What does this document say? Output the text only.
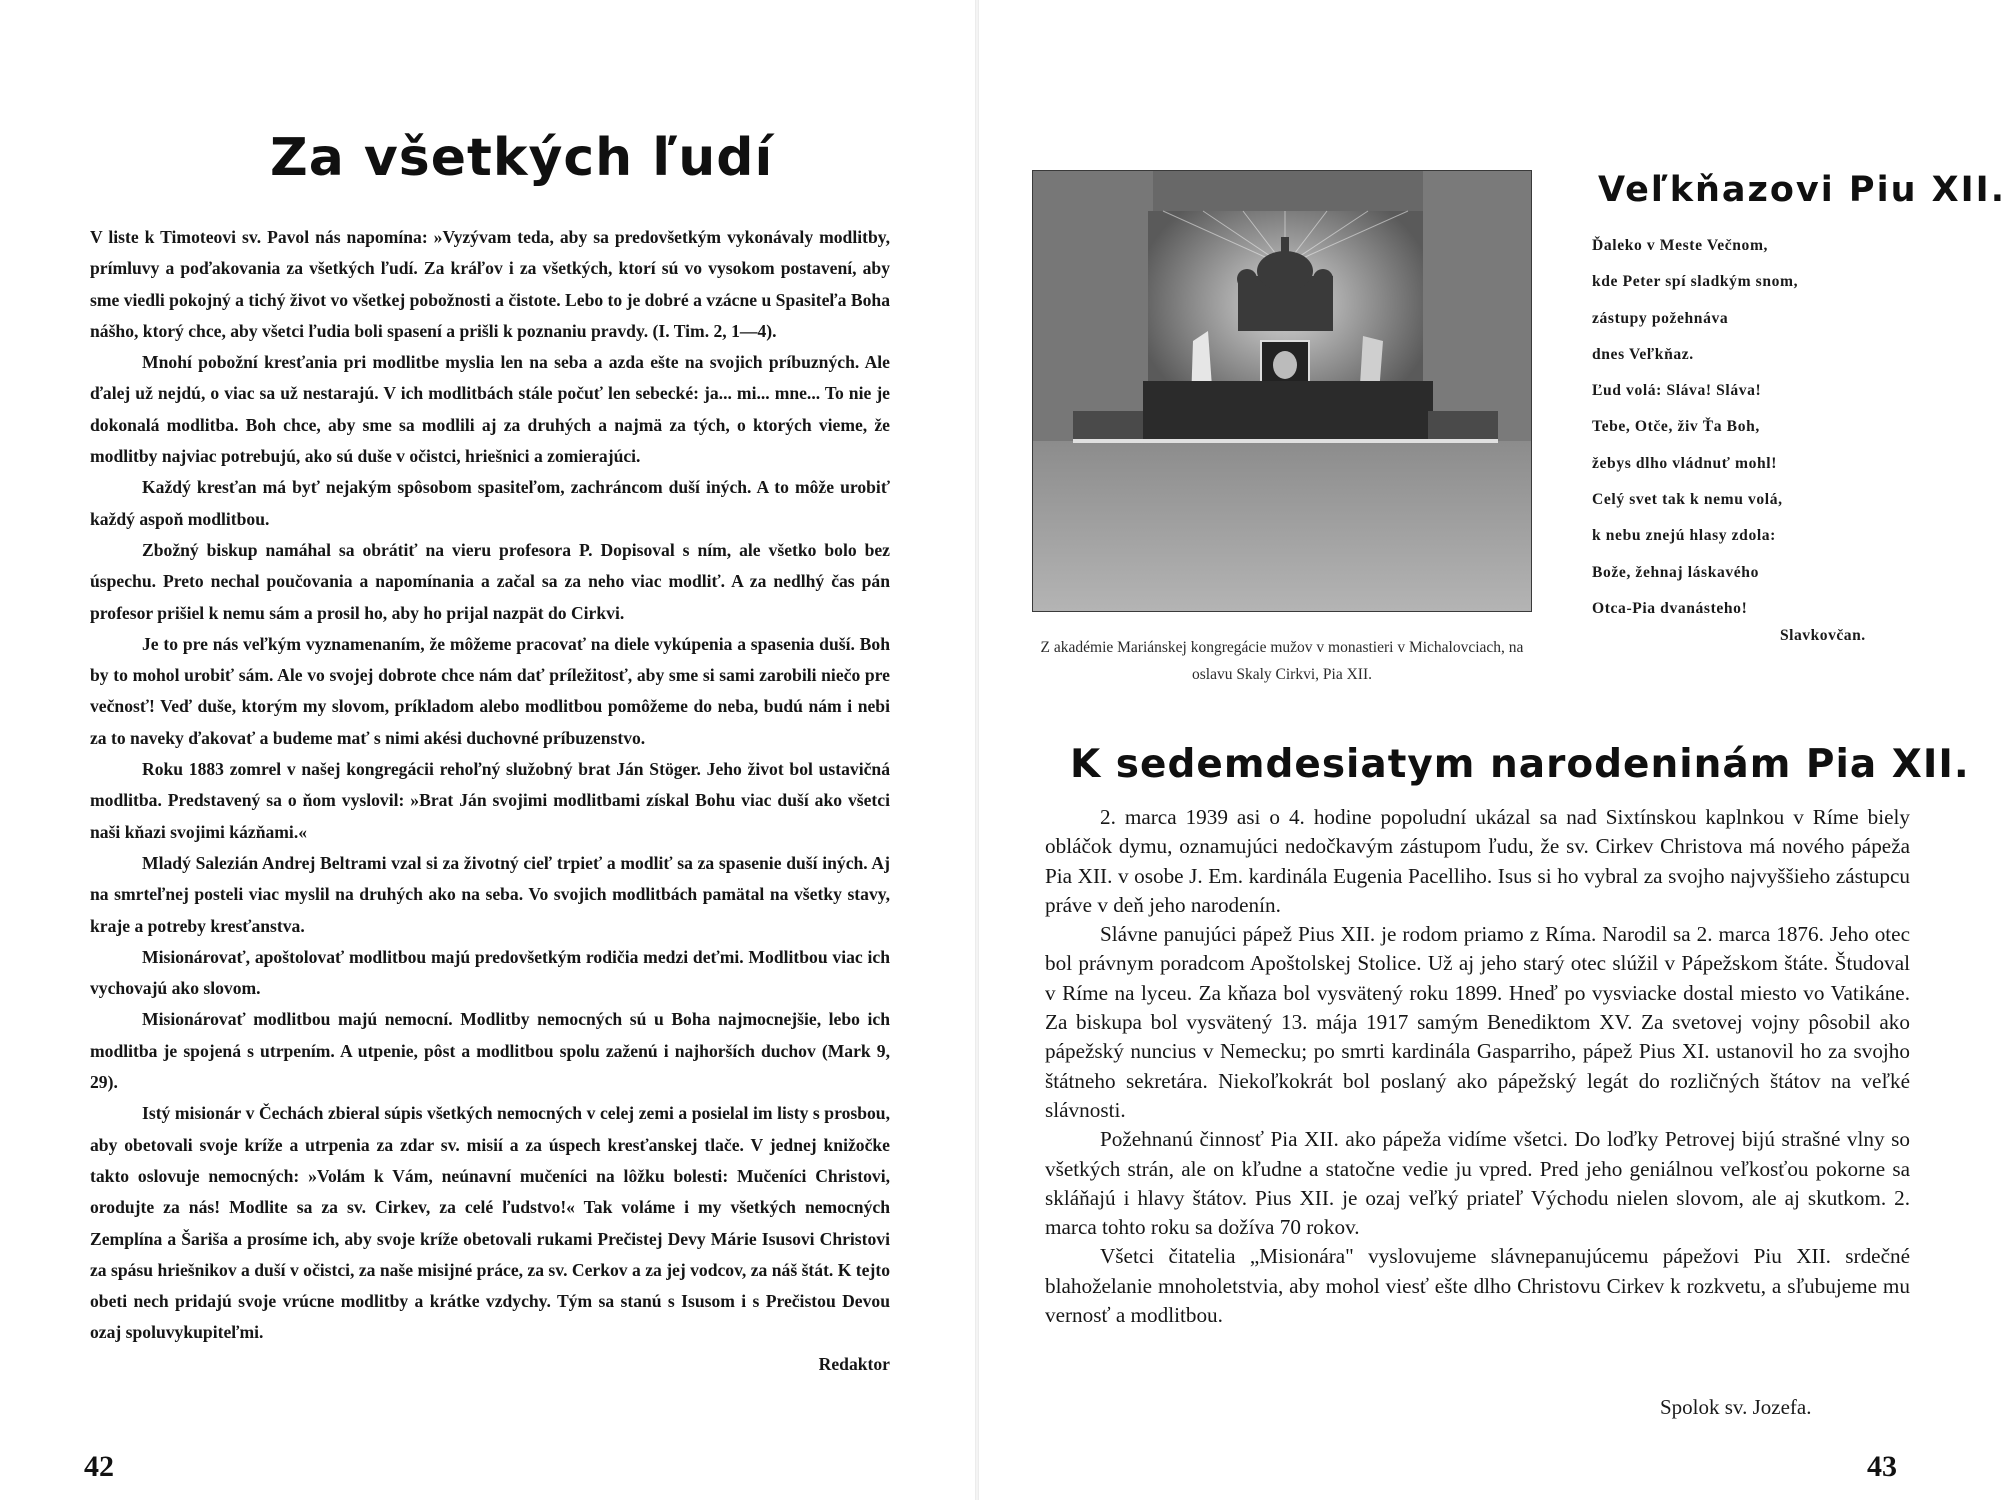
Za všetkých ľudí

V liste k Timoteovi sv. Pavol nás napomína: »Vyzývam teda, aby sa predovšetkým vykonávaly modlitby, prímluvy a poďakovania za všetkých ľudí. Za kráľov i za všetkých, ktorí sú vo vysokom postavení, aby sme viedli pokojný a tichý život vo všetkej pobožnosti a čistote. Lebo to je dobré a vzácne u Spasiteľa Boha nášho, ktorý chce, aby všetci ľudia boli spasení a prišli k poznaniu pravdy. (I. Tim. 2, 1—4).

Mnohí pobožní kresťania pri modlitbe myslia len na seba a azda ešte na svojich príbuzných. Ale ďalej už nejdú, o viac sa už nestarajú. V ich modlitbách stále počuť len sebecké: ja... mi... mne... To nie je dokonalá modlitba. Boh chce, aby sme sa modlili aj za druhých a najmä za tých, o ktorých vieme, že modlitby najviac potrebujú, ako sú duše v očistci, hriešnici a zomierajúci.

Každý kresťan má byť nejakým spôsobom spasiteľom, zachráncom duší iných. A to môže urobiť každý aspoň modlitbou.

Zbožný biskup namáhal sa obrátiť na vieru profesora P. Dopisoval s ním, ale všetko bolo bez úspechu. Preto nechal poučovania a napomínania a začal sa za neho viac modliť. A za nedlhý čas pán profesor prišiel k nemu sám a prosil ho, aby ho prijal nazpät do Cirkvi.

Je to pre nás veľkým vyznamenaním, že môžeme pracovať na diele vykúpenia a spasenia duší. Boh by to mohol urobiť sám. Ale vo svojej dobrote chce nám dať príležitosť, aby sme si sami zarobili niečo pre večnosť! Veď duše, ktorým my slovom, príkladom alebo modlitbou pomôžeme do neba, budú nám i nebi za to naveky ďakovať a budeme mať s nimi akési duchovné príbuzenstvo.

Roku 1883 zomrel v našej kongregácii rehoľný služobný brat Ján Stöger. Jeho život bol ustavičná modlitba. Predstavený sa o ňom vyslovil: »Brat Ján svojimi modlitbami získal Bohu viac duší ako všetci naši kňazi svojimi kázňami.«

Mladý Salezián Andrej Beltrami vzal si za životný cieľ trpieť a modliť sa za spasenie duší iných. Aj na smrteľnej posteli viac myslil na druhých ako na seba. Vo svojich modlitbách pamätal na všetky stavy, kraje a potreby kresťanstva.

Misionárovať, apoštolovať modlitbou majú predovšetkým rodičia medzi deťmi. Modlitbou viac ich vychovajú ako slovom.

Misionárovať modlitbou majú nemocní. Modlitby nemocných sú u Boha najmocnejšie, lebo ich modlitba je spojená s utrpením. A utpenie, pôst a modlitbou spolu zaženú i najhorších duchov (Mark 9, 29).

Istý misionár v Čechách zbieral súpis všetkých nemocných v celej zemi a posielal im listy s prosbou, aby obetovali svoje kríže a utrpenia za zdar sv. misií a za úspech kresťanskej tlače. V jednej knižočke takto oslovuje nemocných: »Volám k Vám, neúnavní mučeníci na lôžku bolesti: Mučeníci Christovi, orodujte za nás! Modlite sa za sv. Cirkev, za celé ľudstvo!« Tak voláme i my všetkých nemocných Zemplína a Šariša a prosíme ich, aby svoje kríže obetovali rukami Prečistej Devy Márie Isusovi Christovi za spásu hriešnikov a duší v očistci, za naše misijné práce, za sv. Cerkov a za jej vodcov, za náš štát. K tejto obeti nech pridajú svoje vrúcne modlitby a krátke vzdychy. Tým sa stanú s Isusom i s Prečistou Devou ozaj spoluvykupiteľmi.

Redaktor
42

Z akadémie Mariánskej kongregácie mužov v monastieri v Michalovciach, na oslavu Skaly Cirkvi, Pia XII.

Veľkňazovi Piu XII.
Ďaleko v Meste Večnom,
kde Peter spí sladkým snom,
zástupy požehnáva
dnes Veľkňaz.
Ľud volá: Sláva! Sláva!
Tebe, Otče, živ Ťa Boh,
žebys dlho vládnuť mohl!
Celý svet tak k nemu volá,
k nebu znejú hlasy zdola:
Bože, žehnaj láskavého
Otca-Pia dvanásteho!
Slavkovčan.
K sedemdesiatym narodeninám Pia XII.

2. marca 1939 asi o 4. hodine popoludní ukázal sa nad Sixtínskou kaplnkou v Ríme biely obláčok dymu, oznamujúci nedočkavým zástupom ľudu, že sv. Cirkev Christova má nového pápeža Pia XII. v osobe J. Em. kardinála Eugenia Pacelliho. Isus si ho vybral za svojho najvyššieho zástupcu práve v deň jeho narodenín.

Slávne panujúci pápež Pius XII. je rodom priamo z Ríma. Narodil sa 2. marca 1876. Jeho otec bol právnym poradcom Apoštolskej Stolice. Už aj jeho starý otec slúžil v Pápežskom štáte. Študoval v Ríme na lyceu. Za kňaza bol vysvätený roku 1899. Hneď po vysviacke dostal miesto vo Vatikáne. Za biskupa bol vysvätený 13. mája 1917 samým Benediktom XV. Za svetovej vojny pôsobil ako pápežský nuncius v Nemecku; po smrti kardinála Gasparriho, pápež Pius XI. ustanovil ho za svojho štátneho sekretára. Niekoľkokrát bol poslaný ako pápežský legát do rozličných štátov na veľké slávnosti.

Požehnanú činnosť Pia XII. ako pápeža vidíme všetci. Do loďky Petrovej bijú strašné vlny so všetkých strán, ale on kľudne a statočne vedie ju vpred. Pred jeho geniálnou veľkosťou pokorne sa skláňajú i hlavy štátov. Pius XII. je ozaj veľký priateľ Východu nielen slovom, ale aj skutkom. 2. marca tohto roku sa dožíva 70 rokov.

Všetci čitatelia „Misionára" vyslovujeme slávnepanujúcemu pápežovi Piu XII. srdečné blahoželanie mnoholetstvia, aby mohol viesť ešte dlho Christovu Cirkev k rozkvetu, a sľubujeme mu vernosť a modlitbou.

Spolok sv. Jozefa.
43
